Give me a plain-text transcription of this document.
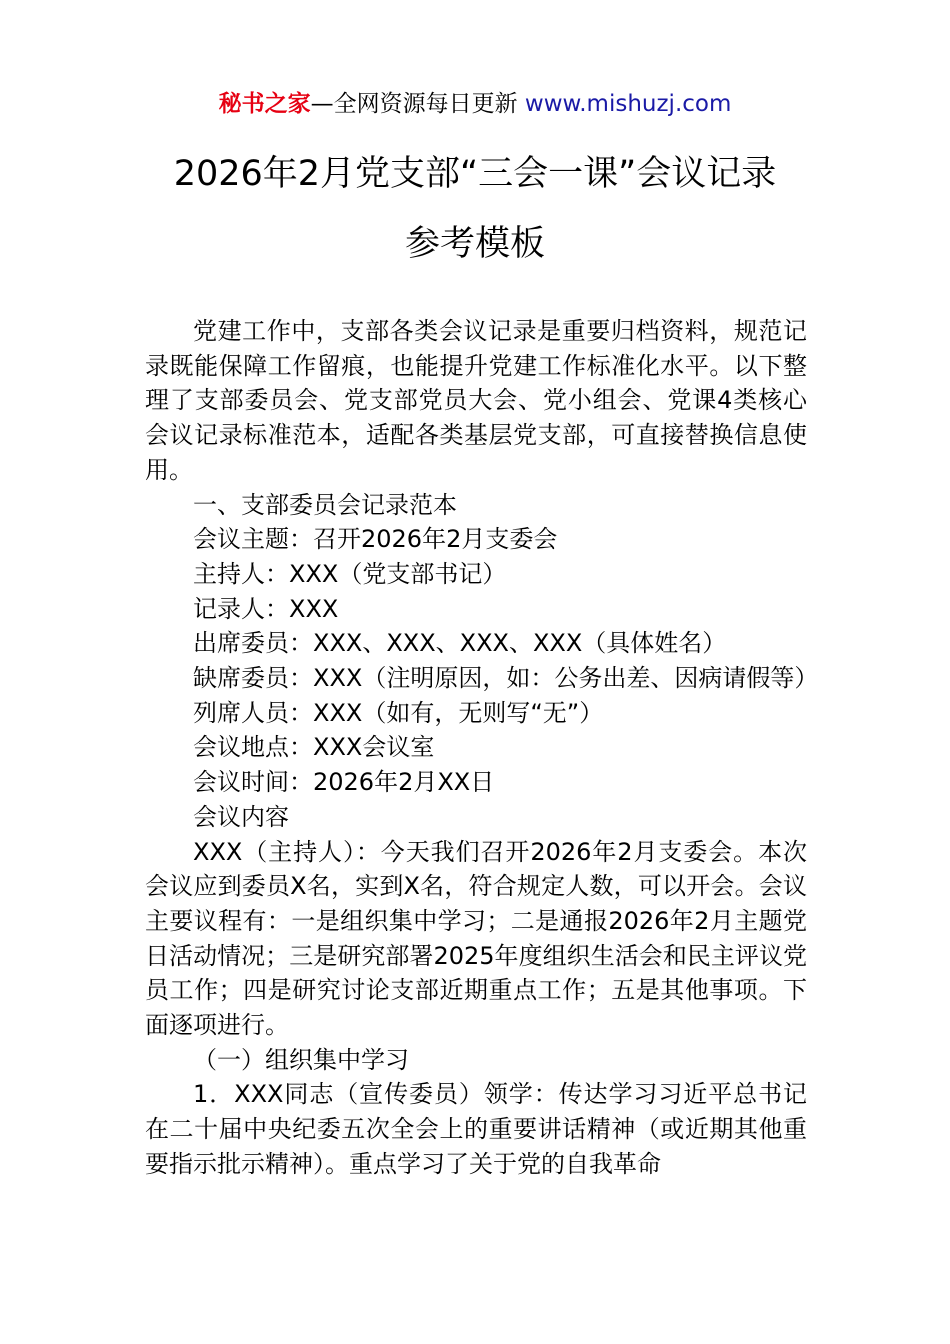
秘书之家—全网资源每日更新 www.mishuzj.com
2026年2月党支部“三会一课”会议记录
参考模板

党建工作中，支部各类会议记录是重要归档资料，规范记录既能保障工作留痕，也能提升党建工作标准化水平。以下整理了支部委员会、党支部党员大会、党小组会、党课4类核心会议记录标准范本，适配各类基层党支部，可直接替换信息使用。

一、支部委员会记录范本

会议主题：召开2026年2月支委会

主持人：XXX（党支部书记）

记录人：XXX

出席委员：XXX、XXX、XXX、XXX（具体姓名）

缺席委员：XXX（注明原因，如：公务出差、因病请假等）

列席人员：XXX（如有，无则写“无”）

会议地点：XXX会议室

会议时间：2026年2月XX日

会议内容

XXX（主持人）：今天我们召开2026年2月支委会。本次会议应到委员X名，实到X名，符合规定人数，可以开会。会议主要议程有：一是组织集中学习；二是通报2026年2月主题党日活动情况；三是研究部署2025年度组织生活会和民主评议党员工作；四是研究讨论支部近期重点工作；五是其他事项。下面逐项进行。

（一）组织集中学习

1．XXX同志（宣传委员）领学：传达学习习近平总书记在二十届中央纪委五次全会上的重要讲话精神（或近期其他重要指示批示精神）。重点学习了关于党的自我革命
